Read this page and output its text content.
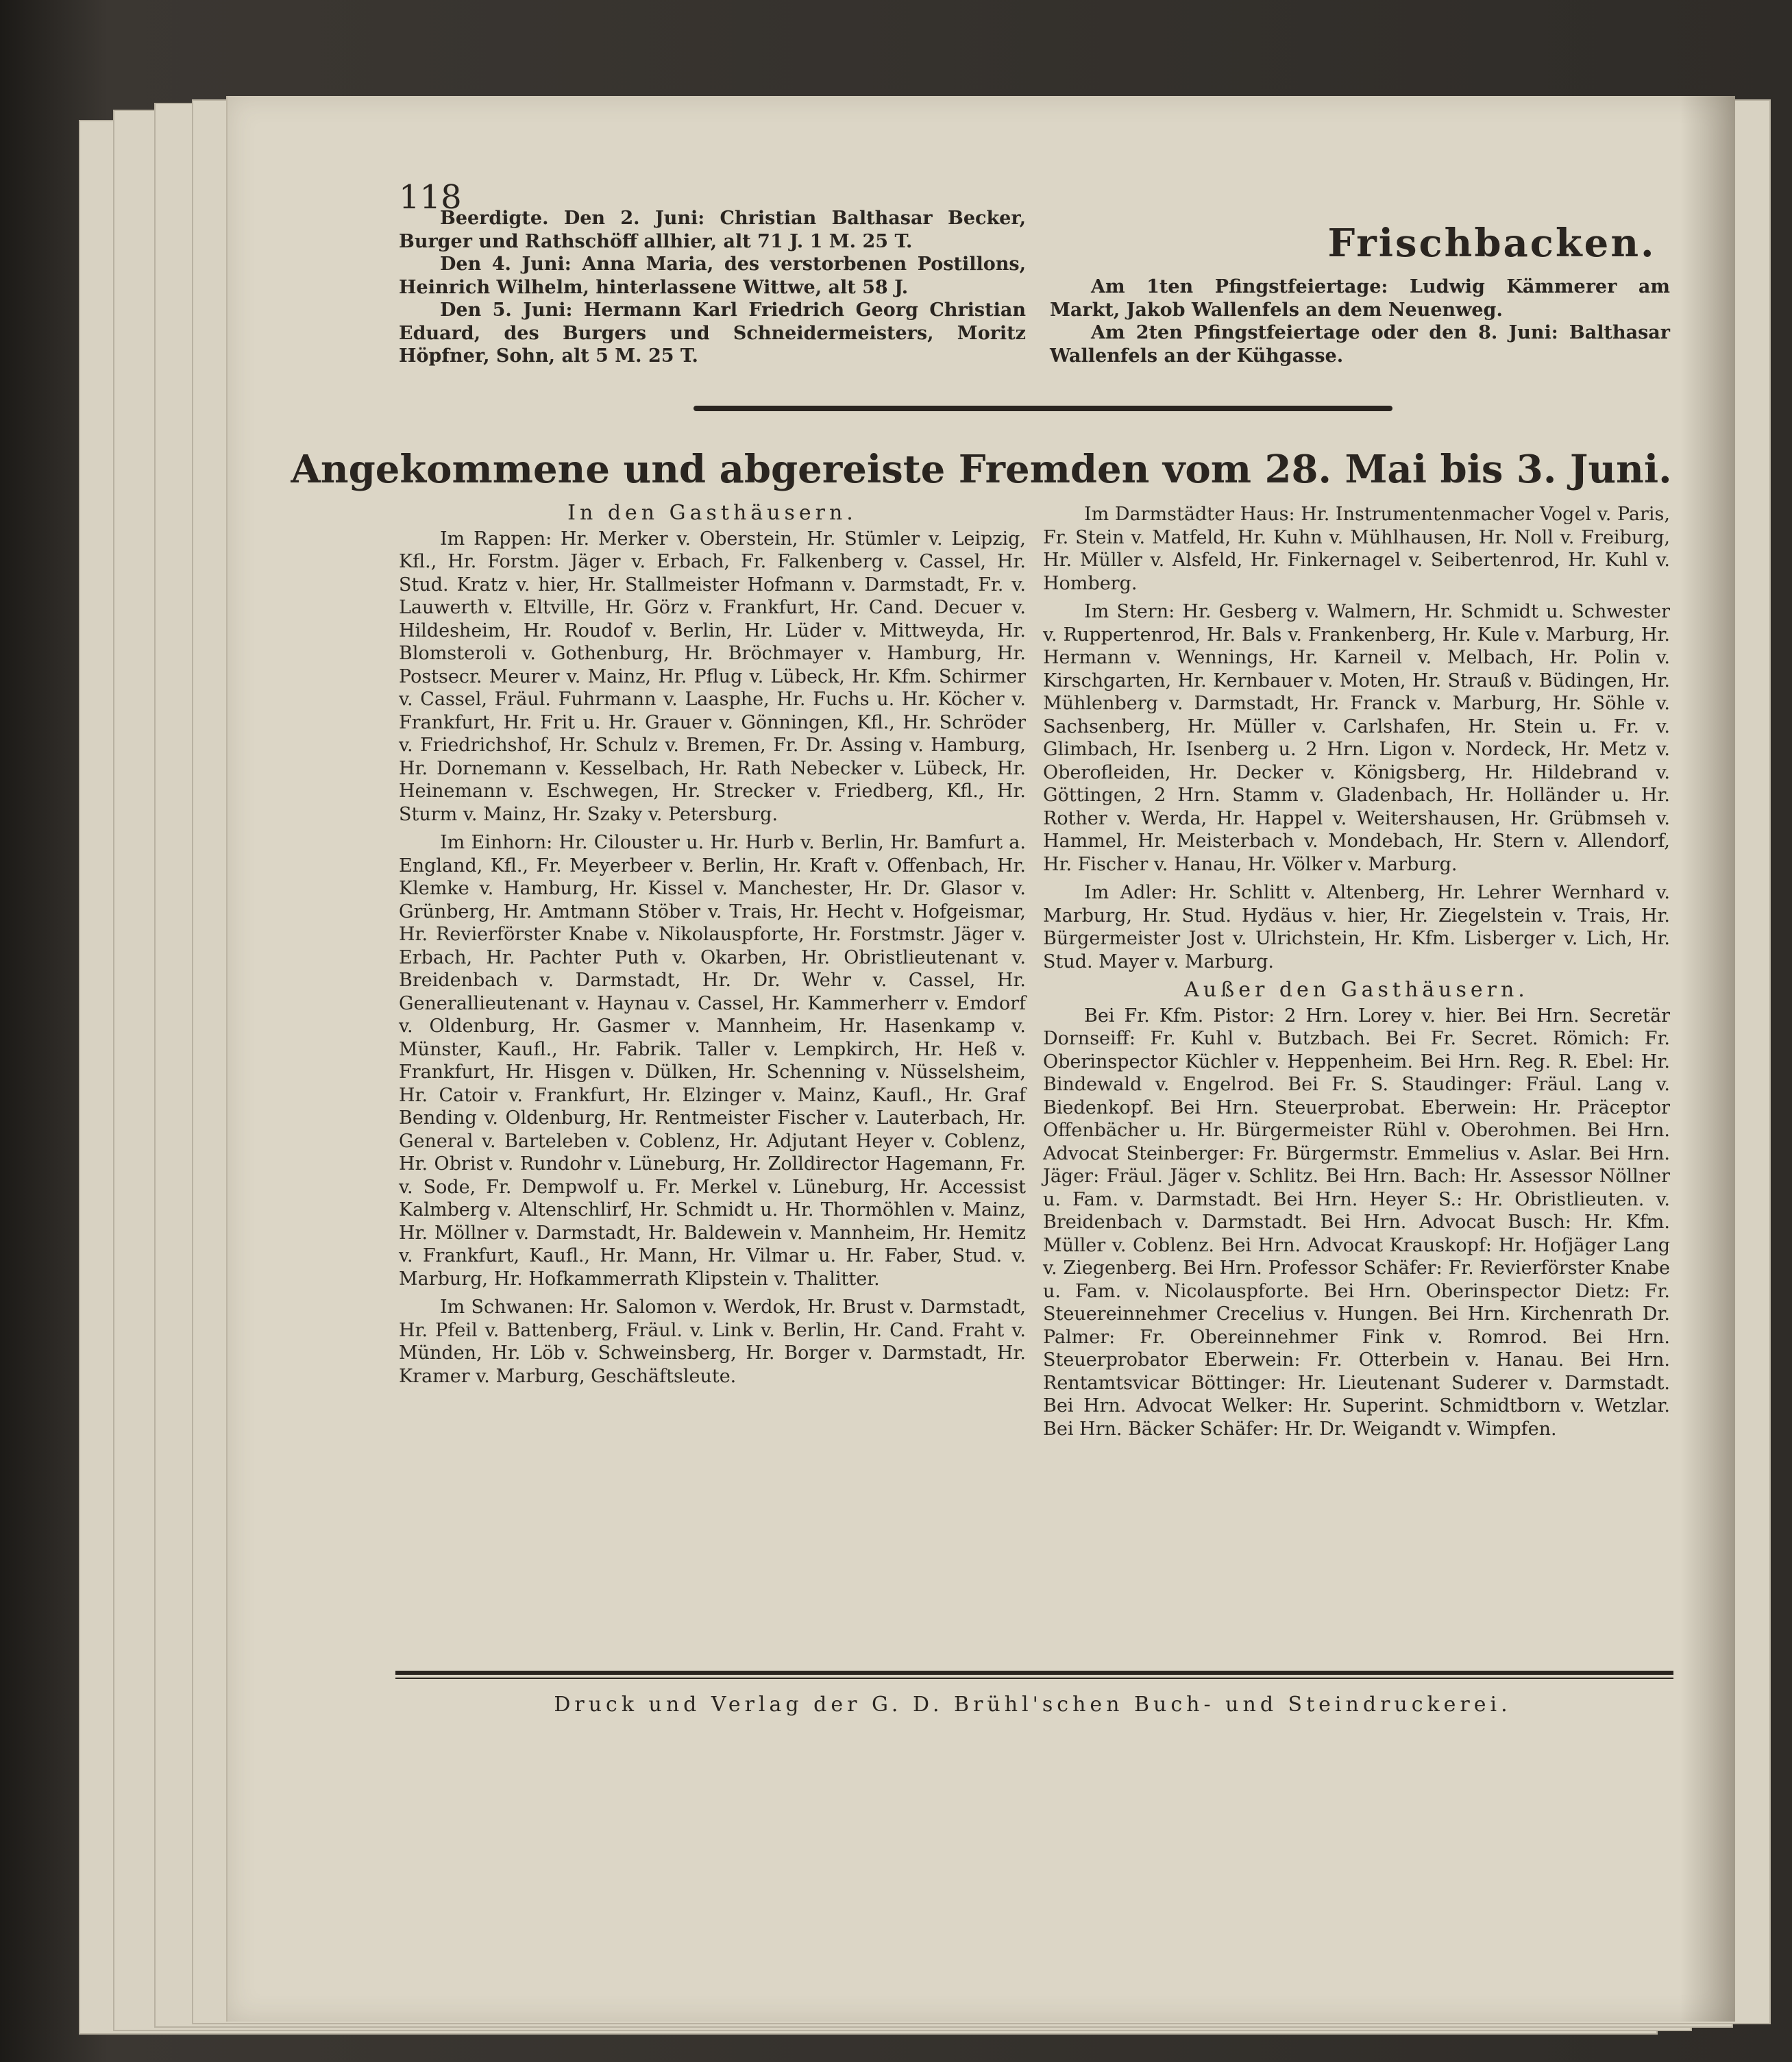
118

Beerdigte. Den 2. Juni: Christian Balthasar Becker, Burger und Rathschöff allhier, alt 71 J. 1 M. 25 T.

Den 4. Juni: Anna Maria, des verstorbenen Postillons, Heinrich Wilhelm, hinterlassene Wittwe, alt 58 J.

Den 5. Juni: Hermann Karl Friedrich Georg Christian Eduard, des Burgers und Schneidermeisters, Moritz Höpfner, Sohn, alt 5 M. 25 T.

Frischbacken.

Am 1ten Pfingstfeiertage: Ludwig Kämmerer am Markt, Jakob Wallenfels an dem Neuenweg.

Am 2ten Pfingstfeiertage oder den 8. Juni: Balthasar Wallenfels an der Kühgasse.

Angekommene und abgereiste Fremden vom 28. Mai bis 3. Juni.
In den Gasthäusern.

Im Rappen: Hr. Merker v. Oberstein, Hr. Stümler v. Leipzig, Kfl., Hr. Forstm. Jäger v. Erbach, Fr. Falkenberg v. Cassel, Hr. Stud. Kratz v. hier, Hr. Stallmeister Hofmann v. Darmstadt, Fr. v. Lauwerth v. Eltville, Hr. Görz v. Frankfurt, Hr. Cand. Decuer v. Hildesheim, Hr. Roudof v. Berlin, Hr. Lüder v. Mittweyda, Hr. Blomsteroli v. Gothenburg, Hr. Bröchmayer v. Hamburg, Hr. Postsecr. Meurer v. Mainz, Hr. Pflug v. Lübeck, Hr. Kfm. Schirmer v. Cassel, Fräul. Fuhrmann v. Laasphe, Hr. Fuchs u. Hr. Köcher v. Frankfurt, Hr. Frit u. Hr. Grauer v. Gönningen, Kfl., Hr. Schröder v. Friedrichshof, Hr. Schulz v. Bremen, Fr. Dr. Assing v. Hamburg, Hr. Dornemann v. Kesselbach, Hr. Rath Nebecker v. Lübeck, Hr. Heinemann v. Eschwegen, Hr. Strecker v. Friedberg, Kfl., Hr. Sturm v. Mainz, Hr. Szaky v. Petersburg.

Im Einhorn: Hr. Cilouster u. Hr. Hurb v. Berlin, Hr. Bamfurt a. England, Kfl., Fr. Meyerbeer v. Berlin, Hr. Kraft v. Offenbach, Hr. Klemke v. Hamburg, Hr. Kissel v. Manchester, Hr. Dr. Glasor v. Grünberg, Hr. Amtmann Stöber v. Trais, Hr. Hecht v. Hofgeismar, Hr. Revierförster Knabe v. Nikolauspforte, Hr. Forstmstr. Jäger v. Erbach, Hr. Pachter Puth v. Okarben, Hr. Obristlieutenant v. Breidenbach v. Darmstadt, Hr. Dr. Wehr v. Cassel, Hr. Generallieutenant v. Haynau v. Cassel, Hr. Kammerherr v. Emdorf v. Oldenburg, Hr. Gasmer v. Mannheim, Hr. Hasenkamp v. Münster, Kaufl., Hr. Fabrik. Taller v. Lempkirch, Hr. Heß v. Frankfurt, Hr. Hisgen v. Dülken, Hr. Schenning v. Nüsselsheim, Hr. Catoir v. Frankfurt, Hr. Elzinger v. Mainz, Kaufl., Hr. Graf Bending v. Oldenburg, Hr. Rentmeister Fischer v. Lauterbach, Hr. General v. Barteleben v. Coblenz, Hr. Adjutant Heyer v. Coblenz, Hr. Obrist v. Rundohr v. Lüneburg, Hr. Zolldirector Hagemann, Fr. v. Sode, Fr. Dempwolf u. Fr. Merkel v. Lüneburg, Hr. Accessist Kalmberg v. Altenschlirf, Hr. Schmidt u. Hr. Thormöhlen v. Mainz, Hr. Möllner v. Darmstadt, Hr. Baldewein v. Mannheim, Hr. Hemitz v. Frankfurt, Kaufl., Hr. Mann, Hr. Vilmar u. Hr. Faber, Stud. v. Marburg, Hr. Hofkammerrath Klipstein v. Thalitter.

Im Schwanen: Hr. Salomon v. Werdok, Hr. Brust v. Darmstadt, Hr. Pfeil v. Battenberg, Fräul. v. Link v. Berlin, Hr. Cand. Fraht v. Münden, Hr. Löb v. Schweinsberg, Hr. Borger v. Darmstadt, Hr. Kramer v. Marburg, Geschäftsleute.

Im Darmstädter Haus: Hr. Instrumentenmacher Vogel v. Paris, Fr. Stein v. Matfeld, Hr. Kuhn v. Mühlhausen, Hr. Noll v. Freiburg, Hr. Müller v. Alsfeld, Hr. Finkernagel v. Seibertenrod, Hr. Kuhl v. Homberg.

Im Stern: Hr. Gesberg v. Walmern, Hr. Schmidt u. Schwester v. Ruppertenrod, Hr. Bals v. Frankenberg, Hr. Kule v. Marburg, Hr. Hermann v. Wennings, Hr. Karneil v. Melbach, Hr. Polin v. Kirschgarten, Hr. Kernbauer v. Moten, Hr. Strauß v. Büdingen, Hr. Mühlenberg v. Darmstadt, Hr. Franck v. Marburg, Hr. Söhle v. Sachsenberg, Hr. Müller v. Carlshafen, Hr. Stein u. Fr. v. Glimbach, Hr. Isenberg u. 2 Hrn. Ligon v. Nordeck, Hr. Metz v. Oberofleiden, Hr. Decker v. Königsberg, Hr. Hildebrand v. Göttingen, 2 Hrn. Stamm v. Gladenbach, Hr. Holländer u. Hr. Rother v. Werda, Hr. Happel v. Weitershausen, Hr. Grübmseh v. Hammel, Hr. Meisterbach v. Mondebach, Hr. Stern v. Allendorf, Hr. Fischer v. Hanau, Hr. Völker v. Marburg.

Im Adler: Hr. Schlitt v. Altenberg, Hr. Lehrer Wernhard v. Marburg, Hr. Stud. Hydäus v. hier, Hr. Ziegelstein v. Trais, Hr. Bürgermeister Jost v. Ulrichstein, Hr. Kfm. Lisberger v. Lich, Hr. Stud. Mayer v. Marburg.

Außer den Gasthäusern.

Bei Fr. Kfm. Pistor: 2 Hrn. Lorey v. hier. Bei Hrn. Secretär Dornseiff: Fr. Kuhl v. Butzbach. Bei Fr. Secret. Römich: Fr. Oberinspector Küchler v. Heppenheim. Bei Hrn. Reg. R. Ebel: Hr. Bindewald v. Engelrod. Bei Fr. S. Staudinger: Fräul. Lang v. Biedenkopf. Bei Hrn. Steuerprobat. Eberwein: Hr. Präceptor Offenbächer u. Hr. Bürgermeister Rühl v. Oberohmen. Bei Hrn. Advocat Steinberger: Fr. Bürgermstr. Emmelius v. Aslar. Bei Hrn. Jäger: Fräul. Jäger v. Schlitz. Bei Hrn. Bach: Hr. Assessor Nöllner u. Fam. v. Darmstadt. Bei Hrn. Heyer S.: Hr. Obristlieuten. v. Breidenbach v. Darmstadt. Bei Hrn. Advocat Busch: Hr. Kfm. Müller v. Coblenz. Bei Hrn. Advocat Krauskopf: Hr. Hofjäger Lang v. Ziegenberg. Bei Hrn. Professor Schäfer: Fr. Revierförster Knabe u. Fam. v. Nicolauspforte. Bei Hrn. Oberinspector Dietz: Fr. Steuereinnehmer Crecelius v. Hungen. Bei Hrn. Kirchenrath Dr. Palmer: Fr. Obereinnehmer Fink v. Romrod. Bei Hrn. Steuerprobator Eberwein: Fr. Otterbein v. Hanau. Bei Hrn. Rentamtsvicar Böttinger: Hr. Lieutenant Suderer v. Darmstadt. Bei Hrn. Advocat Welker: Hr. Superint. Schmidtborn v. Wetzlar. Bei Hrn. Bäcker Schäfer: Hr. Dr. Weigandt v. Wimpfen.

Druck und Verlag der G. D. Brühl'schen Buch- und Steindruckerei.
